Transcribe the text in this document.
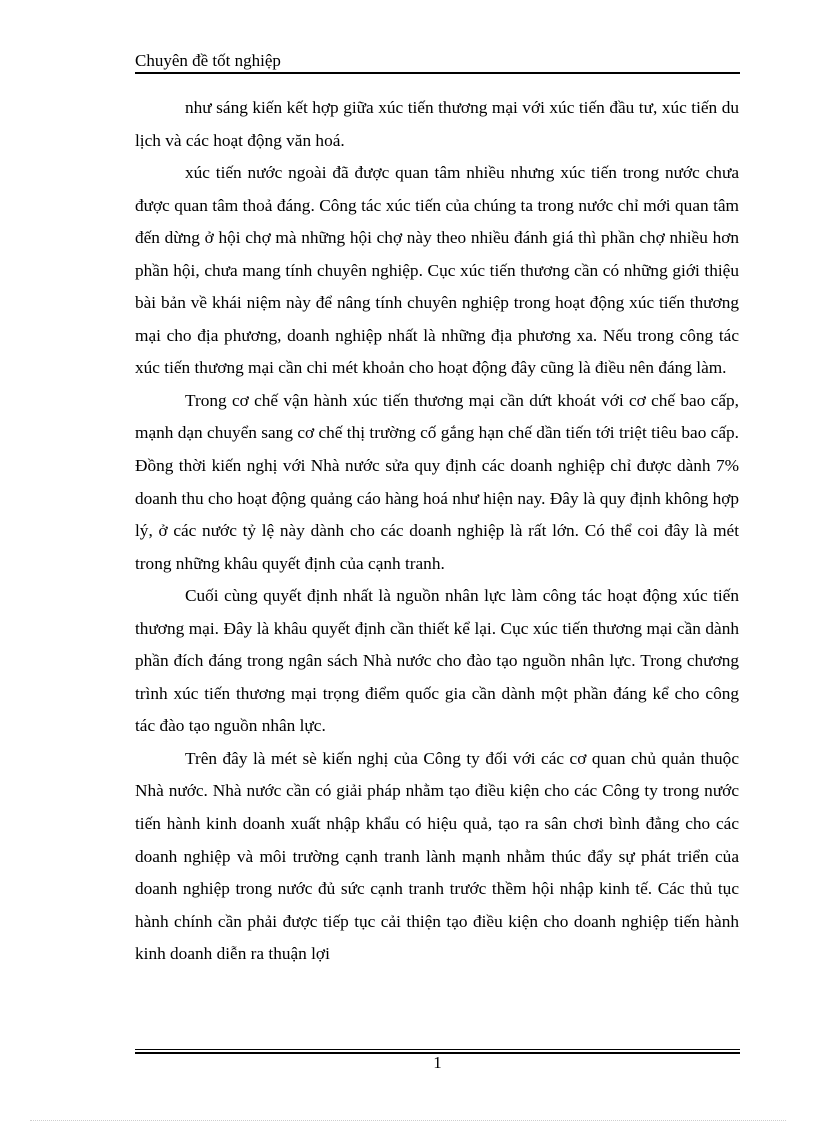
Chuyên đề tốt nghiệp

như sáng kiến kết hợp giữa xúc tiến thương mại với xúc tiến đầu tư, xúc tiến du lịch và các hoạt động văn hoá.

xúc tiến nước ngoài đã được quan tâm nhiều nhưng xúc tiến trong nước chưa được quan tâm thoả đáng. Công tác xúc tiến của chúng ta trong nước chỉ mới quan tâm đến dừng ở hội chợ mà những hội chợ này theo nhiều đánh giá thì phần chợ nhiều hơn phần hội, chưa mang tính chuyên nghiệp. Cục xúc tiến thương cần có những giới thiệu bài bản về khái niệm này để nâng tính chuyên nghiệp trong hoạt động xúc tiến thương mại cho địa phương, doanh nghiệp nhất là những địa phương xa. Nếu trong công tác xúc tiến thương mại cần chi mét khoản cho hoạt động đây cũng là điều nên đáng làm.

Trong cơ chế vận hành xúc tiến thương mại cần dứt khoát với cơ chế bao cấp, mạnh dạn chuyển sang cơ chế thị trường cố gắng hạn chế dần tiến tới triệt tiêu bao cấp. Đồng thời kiến nghị với Nhà nước sửa quy định các doanh nghiệp chỉ được dành 7% doanh thu cho hoạt động quảng cáo hàng hoá như hiện nay. Đây là quy định không hợp lý, ở các nước tỷ lệ này dành cho các doanh nghiệp là rất lớn. Có thể coi đây là mét trong những khâu quyết định của cạnh tranh.

Cuối cùng quyết định nhất là nguồn nhân lực làm công tác hoạt động xúc tiến thương mại. Đây là khâu quyết định cần thiết kể lại. Cục xúc tiến thương mại cần dành phần đích đáng trong ngân sách Nhà nước cho đào tạo nguồn nhân lực. Trong chương trình xúc tiến thương mại trọng điểm quốc gia cần dành một phần đáng kể cho công tác đào tạo nguồn nhân lực.

Trên đây là mét sè kiến nghị của Công ty đối với các cơ quan chủ quản thuộc Nhà nước. Nhà nước cần có giải pháp nhằm tạo điều kiện cho các Công ty trong nước tiến hành kinh doanh xuất nhập khẩu có hiệu quả, tạo ra sân chơi bình đẳng cho các doanh nghiệp và môi trường cạnh tranh lành mạnh nhằm thúc đẩy sự phát triển của doanh nghiệp trong nước đủ sức cạnh tranh trước thềm hội nhập kinh tế. Các thủ tục hành chính cần phải được tiếp tục cải thiện tạo điều kiện cho doanh nghiệp tiến hành kinh doanh diễn ra thuận lợi

1
